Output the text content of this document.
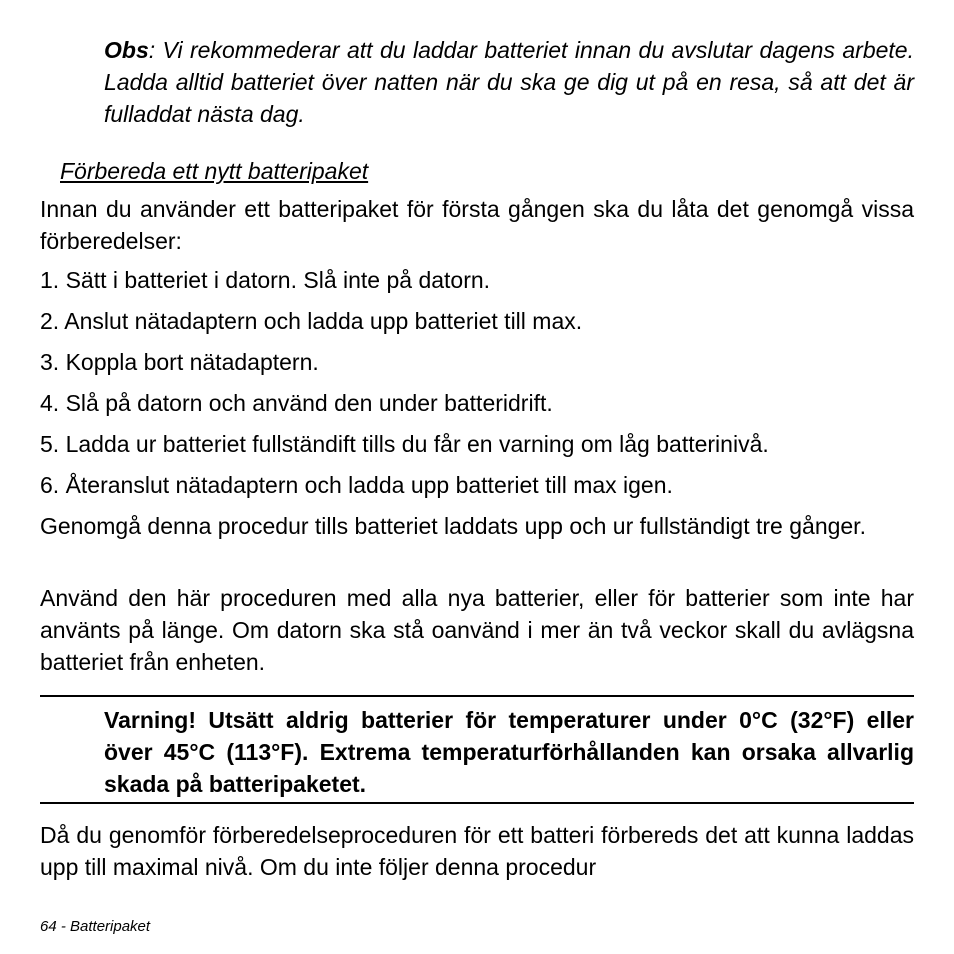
Obs: Vi rekommederar att du laddar batteriet innan du avslutar dagens arbete. Ladda alltid batteriet över natten när du ska ge dig ut på en resa, så att det är fulladdat nästa dag.

Förbereda ett nytt batteripaket

Innan du använder ett batteripaket för första gången ska du låta det genomgå vissa förberedelser:

1. Sätt i batteriet i datorn. Slå inte på datorn.
2. Anslut nätadaptern och ladda upp batteriet till max.
3. Koppla bort nätadaptern.
4. Slå på datorn och använd den under batteridrift.
5. Ladda ur batteriet fullständift tills du får en varning om låg batterinivå.
6. Återanslut nätadaptern och ladda upp batteriet till max igen.

Genomgå denna procedur tills batteriet laddats upp och ur fullständigt tre gånger.

Använd den här proceduren med alla nya batterier, eller för batterier som inte har använts på länge. Om datorn ska stå oanvänd i mer än två veckor skall du avlägsna batteriet från enheten.

Varning! Utsätt aldrig batterier för temperaturer under 0°C (32°F) eller över 45°C (113°F). Extrema temperaturförhållanden kan orsaka allvarlig skada på batteripaketet.

Då du genomför förberedelseproceduren för ett batteri förbereds det att kunna laddas upp till maximal nivå. Om du inte följer denna procedur

64 - Batteripaket
